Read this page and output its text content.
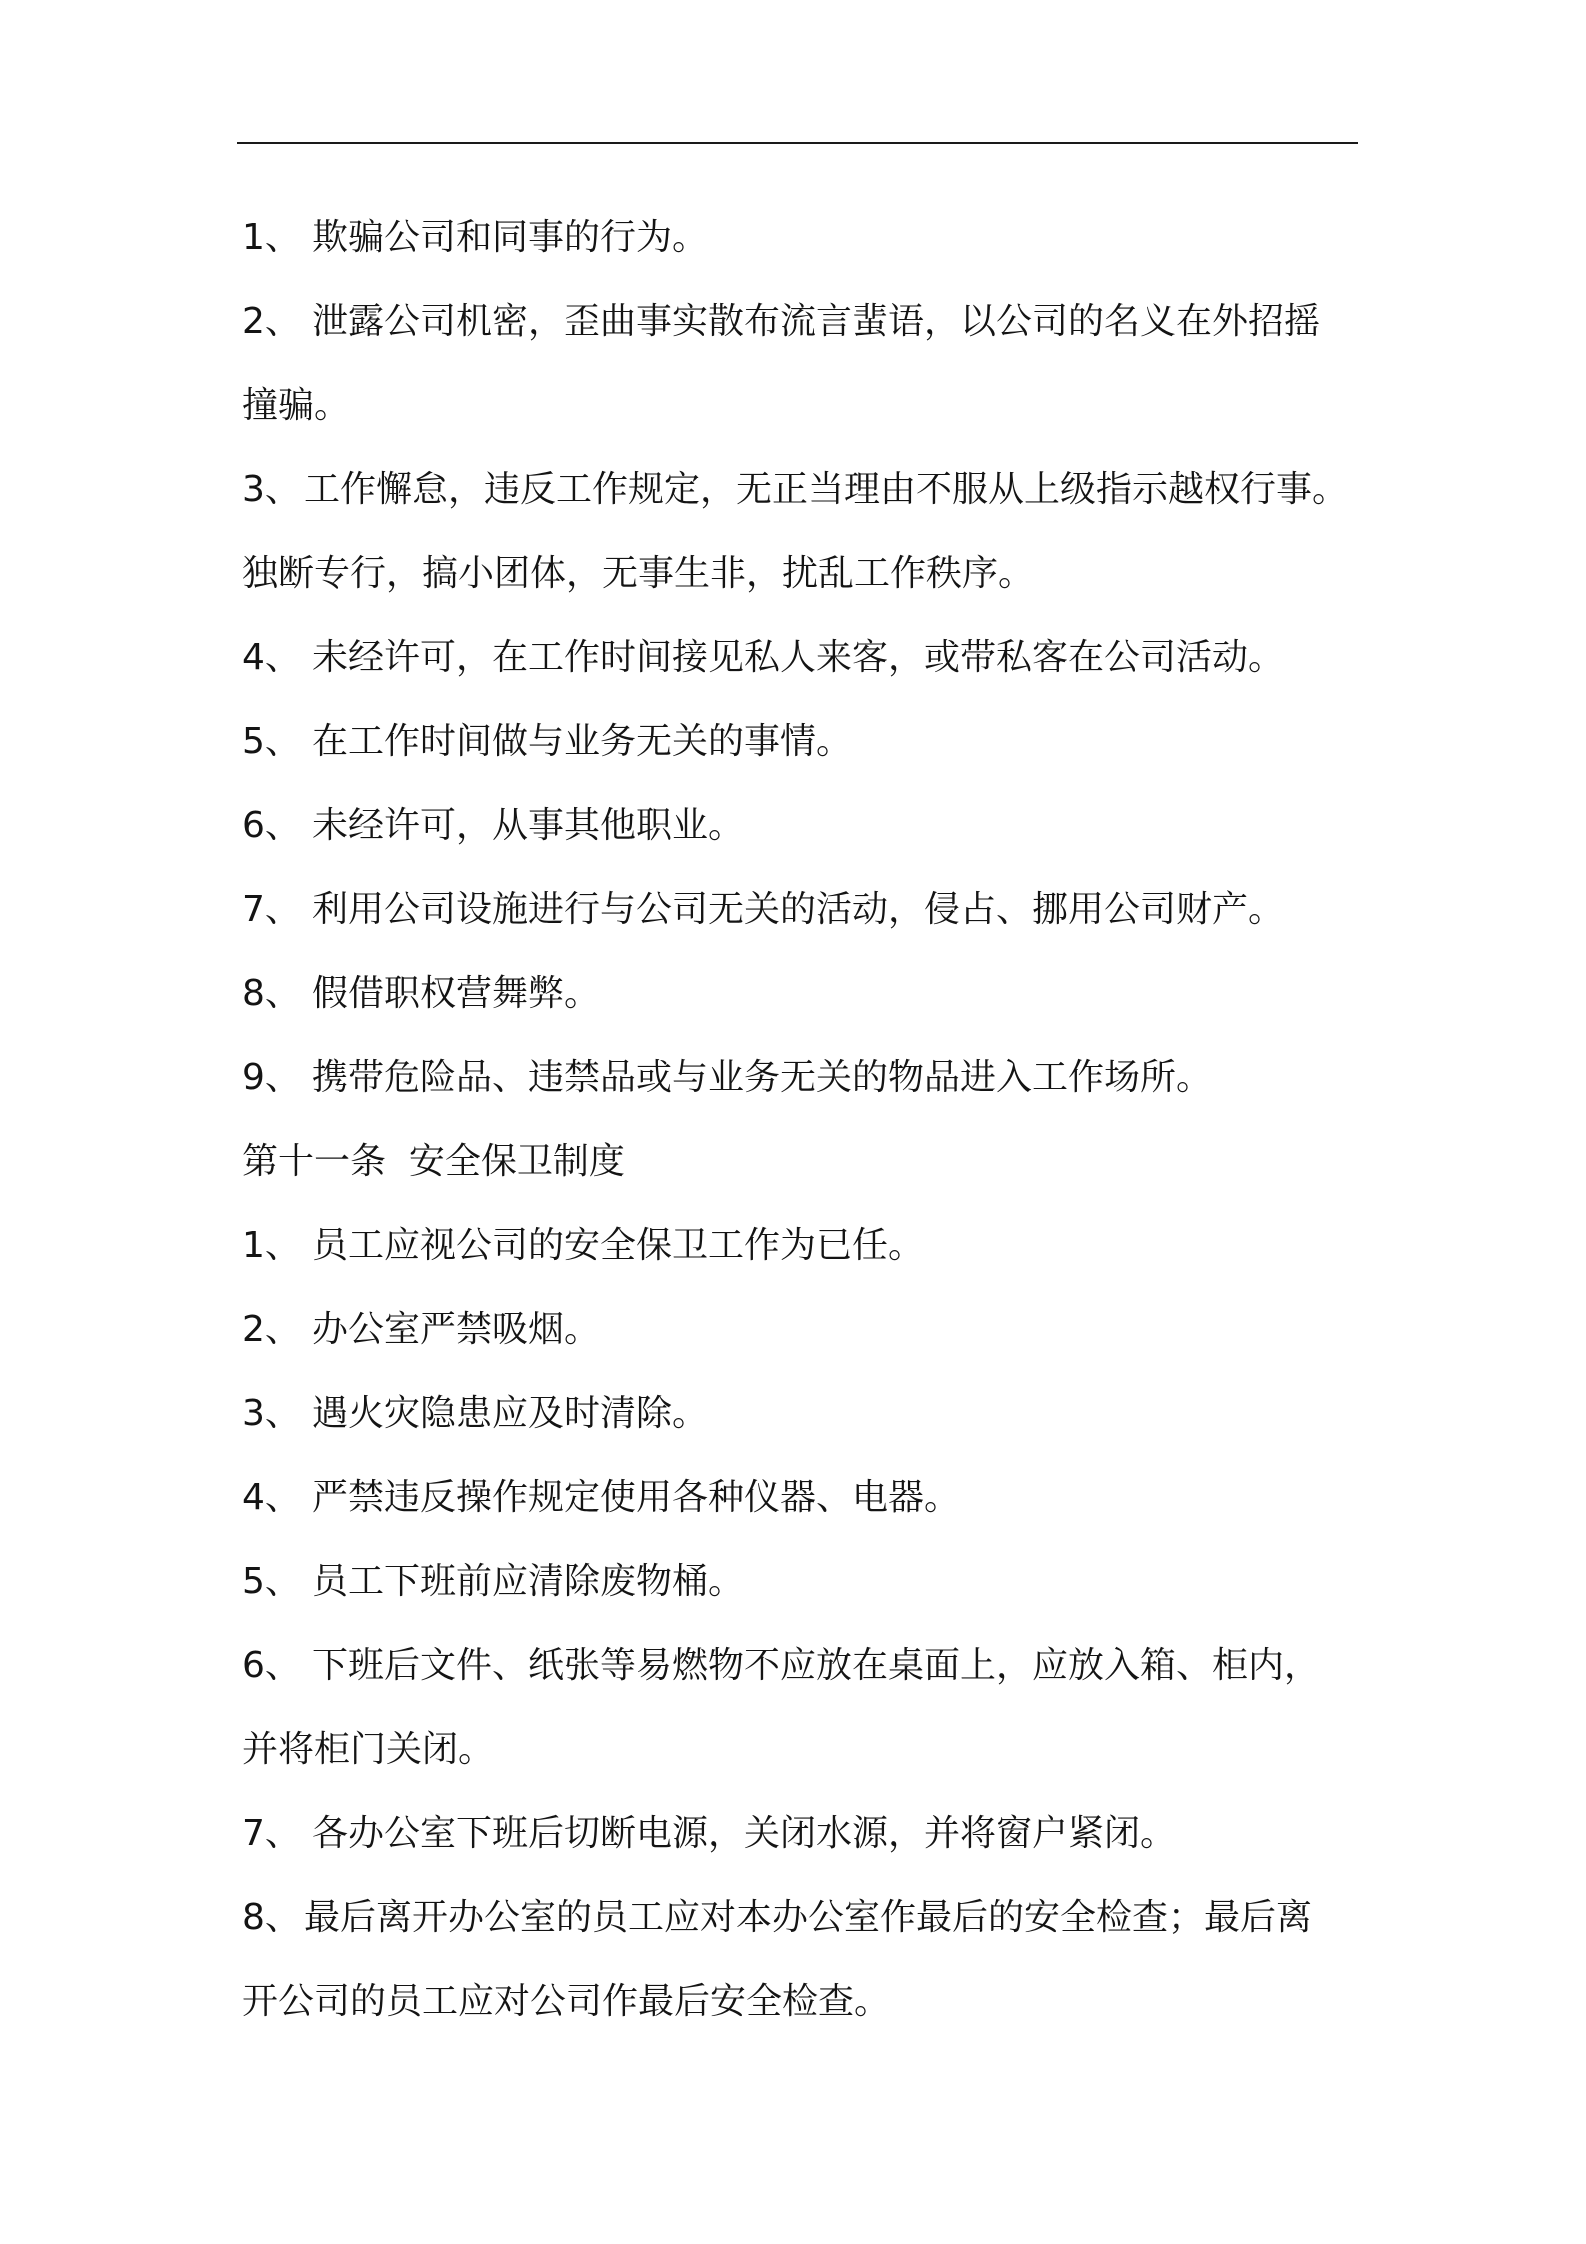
1、 欺骗公司和同事的行为。
2、 泄露公司机密，歪曲事实散布流言蜚语，以公司的名义在外招摇
撞骗。
3、工作懈怠，违反工作规定，无正当理由不服从上级指示越权行事。
独断专行，搞小团体，无事生非，扰乱工作秩序。
4、 未经许可，在工作时间接见私人来客，或带私客在公司活动。
5、 在工作时间做与业务无关的事情。
6、 未经许可，从事其他职业。
7、 利用公司设施进行与公司无关的活动，侵占、挪用公司财产。
8、 假借职权营舞弊。
9、 携带危险品、违禁品或与业务无关的物品进入工作场所。
第十一条  安全保卫制度
1、 员工应视公司的安全保卫工作为已任。
2、 办公室严禁吸烟。
3、 遇火灾隐患应及时清除。
4、 严禁违反操作规定使用各种仪器、电器。
5、 员工下班前应清除废物桶。
6、 下班后文件、纸张等易燃物不应放在桌面上，应放入箱、柜内，
并将柜门关闭。
7、 各办公室下班后切断电源，关闭水源，并将窗户紧闭。
8、最后离开办公室的员工应对本办公室作最后的安全检查；最后离
开公司的员工应对公司作最后安全检查。
